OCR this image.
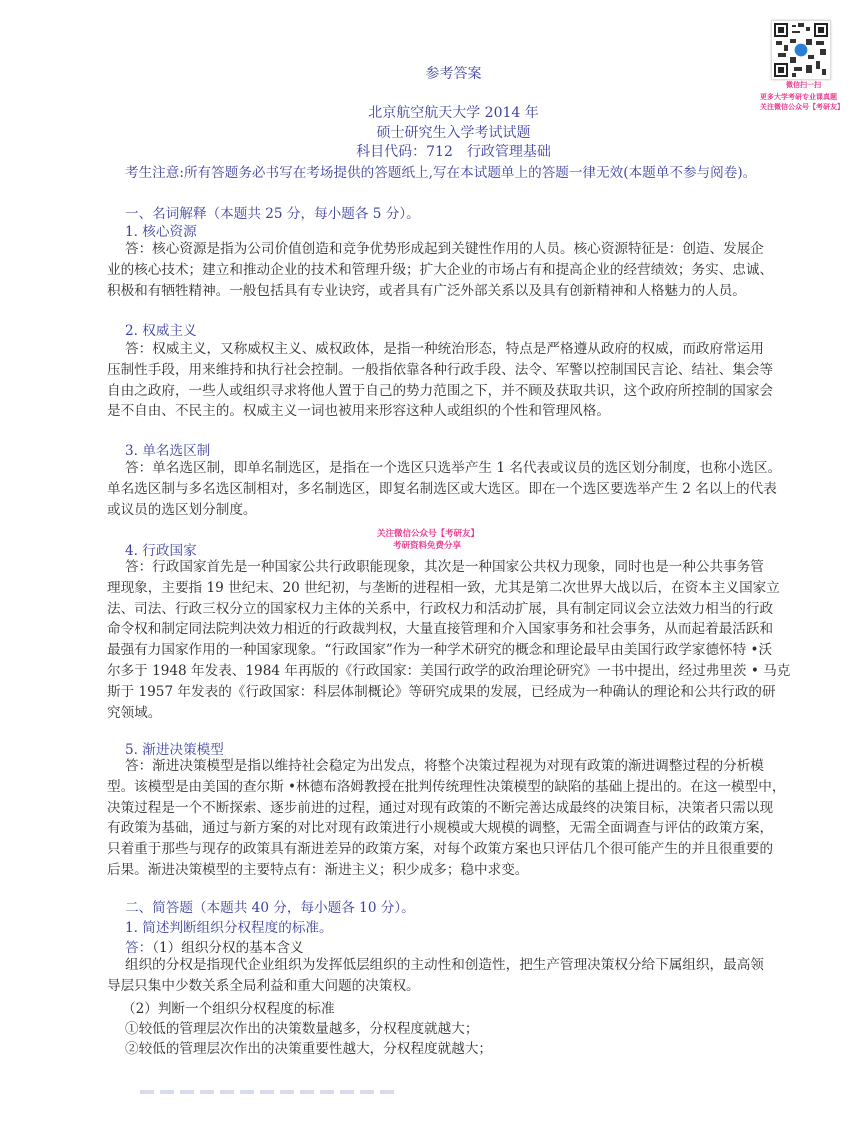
微信扫一扫
更多大学考研专业课真题
关注微信公众号【考研友】
参考答案
北京航空航天大学 2014 年
硕士研究生入学考试试题
科目代码：712　行政管理基础
考生注意:所有答题务必书写在考场提供的答题纸上,写在本试题单上的答题一律无效(本题单不参与阅卷)。
一、名词解释（本题共 25 分，每小题各 5 分）。
1. 核心资源
答：核心资源是指为公司价值创造和竞争优势形成起到关键性作用的人员。核心资源特征是：创造、发展企
业的核心技术；建立和推动企业的技术和管理升级；扩大企业的市场占有和提高企业的经营绩效；务实、忠诚、
积极和有牺牲精神。一般包括具有专业诀窍，或者具有广泛外部关系以及具有创新精神和人格魅力的人员。
2. 权威主义
答：权威主义，又称威权主义、威权政体，是指一种统治形态，特点是严格遵从政府的权威，而政府常运用
压制性手段，用来维持和执行社会控制。一般指依靠各种行政手段、法令、军警以控制国民言论、结社、集会等
自由之政府，一些人或组织寻求将他人置于自己的势力范围之下，并不顾及获取共识，这个政府所控制的国家会
是不自由、不民主的。权威主义一词也被用来形容这种人或组织的个性和管理风格。
3. 单名选区制
答：单名选区制，即单名制选区，是指在一个选区只选举产生 1 名代表或议员的选区划分制度，也称小选区。
单名选区制与多名选区制相对，多名制选区，即复名制选区或大选区。即在一个选区要选举产生 2 名以上的代表
或议员的选区划分制度。
4. 行政国家
关注微信公众号【考研友】
考研资料免费分享
答：行政国家首先是一种国家公共行政职能现象，其次是一种国家公共权力现象，同时也是一种公共事务管
理现象，主要指 19 世纪末、20 世纪初，与垄断的进程相一致，尤其是第二次世界大战以后，在资本主义国家立
法、司法、行政三权分立的国家权力主体的关系中，行政权力和活动扩展，具有制定同议会立法效力相当的行政
命令权和制定同法院判决效力相近的行政裁判权，大量直接管理和介入国家事务和社会事务，从而起着最活跃和
最强有力国家作用的一种国家现象。“行政国家”作为一种学术研究的概念和理论最早由美国行政学家德怀特 •沃
尔多于 1948 年发表、1984 年再版的《行政国家：美国行政学的政治理论研究》一书中提出，经过弗里茨 • 马克
斯于 1957 年发表的《行政国家：科层体制概论》等研究成果的发展，已经成为一种确认的理论和公共行政的研
究领域。
5. 渐进决策模型
答：渐进决策模型是指以维持社会稳定为出发点，将整个决策过程视为对现有政策的渐进调整过程的分析模
型。该模型是由美国的查尔斯 •林德布洛姆教授在批判传统理性决策模型的缺陷的基础上提出的。在这一模型中，
决策过程是一个不断探索、逐步前进的过程，通过对现有政策的不断完善达成最终的决策目标，决策者只需以现
有政策为基础，通过与新方案的对比对现有政策进行小规模或大规模的调整，无需全面调查与评估的政策方案，
只着重于那些与现存的政策具有渐进差异的政策方案，对每个政策方案也只评估几个很可能产生的并且很重要的
后果。渐进决策模型的主要特点有：渐进主义；积少成多；稳中求变。
二、简答题（本题共 40 分，每小题各 10 分）。
1. 简述判断组织分权程度的标准。
答：（1）组织分权的基本含义
组织的分权是指现代企业组织为发挥低层组织的主动性和创造性，把生产管理决策权分给下属组织，最高领
导层只集中少数关系全局利益和重大问题的决策权。
（2）判断一个组织分权程度的标准
①较低的管理层次作出的决策数量越多，分权程度就越大；
②较低的管理层次作出的决策重要性越大，分权程度就越大；
